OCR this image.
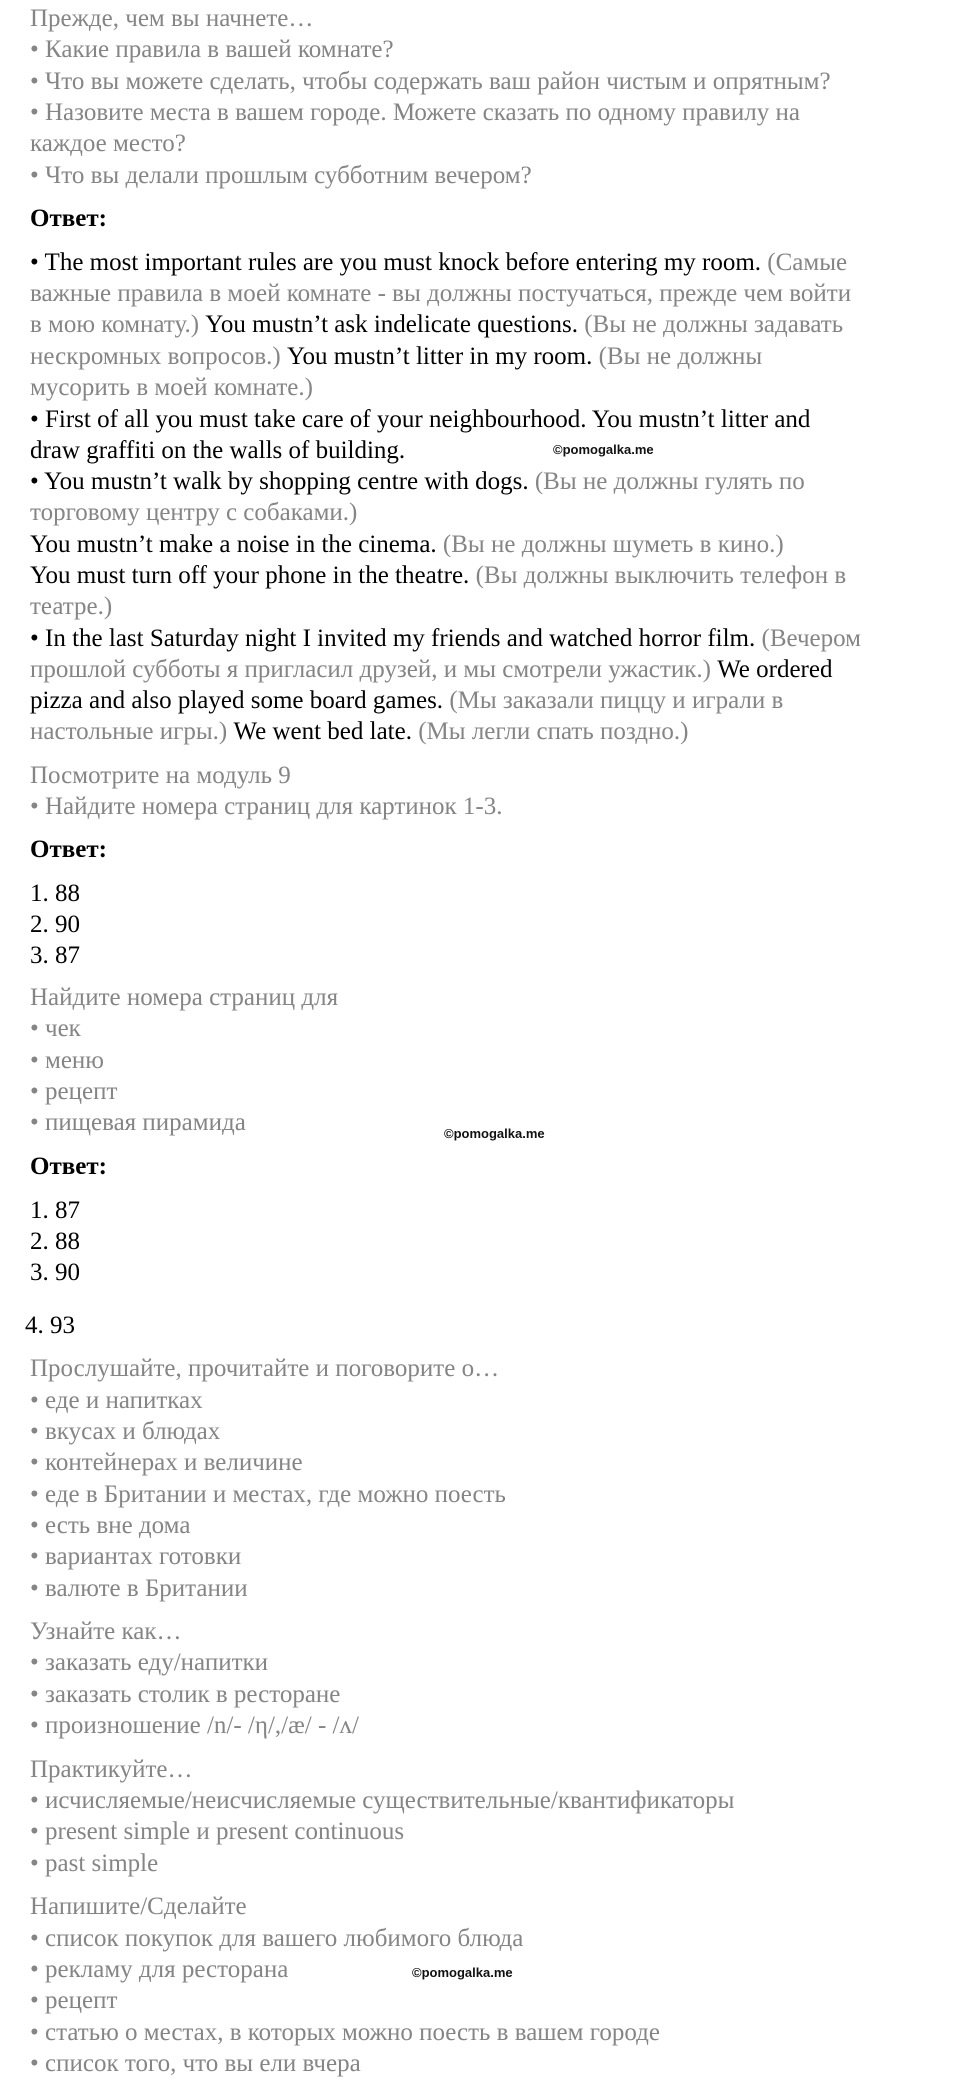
Прежде, чем вы начнете…
• Какие правила в вашей комнате?
• Что вы можете сделать, чтобы содержать ваш район чистым и опрятным?
• Назовите места в вашем городе. Можете сказать по одному правилу на
каждое место?
• Что вы делали прошлым субботним вечером?
Ответ:
• The most important rules are you must knock before entering my room. (Самые
важные правила в моей комнате - вы должны постучаться, прежде чем войти
в мою комнату.) You mustn’t ask indelicate questions. (Вы не должны задавать
нескромных вопросов.) You mustn’t litter in my room. (Вы не должны
мусорить в моей комнате.)
• First of all you must take care of your neighbourhood. You mustn’t litter and
draw graffiti on the walls of building.	©pomogalka.me
• You mustn’t walk by shopping centre with dogs. (Вы не должны гулять по
торговому центру с собаками.)
You mustn’t make a noise in the cinema. (Вы не должны шуметь в кино.)
You must turn off your phone in the theatre. (Вы должны выключить телефон в
театре.)
• In the last Saturday night I invited my friends and watched horror film. (Вечером
прошлой субботы я пригласил друзей, и мы смотрели ужастик.) We ordered
pizza and also played some board games. (Мы заказали пиццу и играли в
настольные игры.) We went bed late. (Мы легли спать поздно.)
Посмотрите на модуль 9
• Найдите номера страниц для картинок 1-3.
Ответ:
1. 88
2. 90
3. 87
Найдите номера страниц для
• чек
• меню
• рецепт
• пищевая пирамида	©pomogalka.me
Ответ:
1. 87
2. 88
3. 90
4. 93
Прослушайте, прочитайте и поговорите о…
• еде и напитках
• вкусах и блюдах
• контейнерах и величине
• еде в Британии и местах, где можно поесть
• есть вне дома
• вариантах готовки
• валюте в Британии
Узнайте как…
• заказать еду/напитки
• заказать столик в ресторане
• произношение /n/- /η/,/æ/ - /ʌ/
Практикуйте…
• исчисляемые/неисчисляемые существительные/квантификаторы
• present simple и present continuous
• past simple
Напишите/Сделайте
• список покупок для вашего любимого блюда
• рекламу для ресторана	©pomogalka.me
• рецепт
• статью о местах, в которых можно поесть в вашем городе
• список того, что вы ели вчера
